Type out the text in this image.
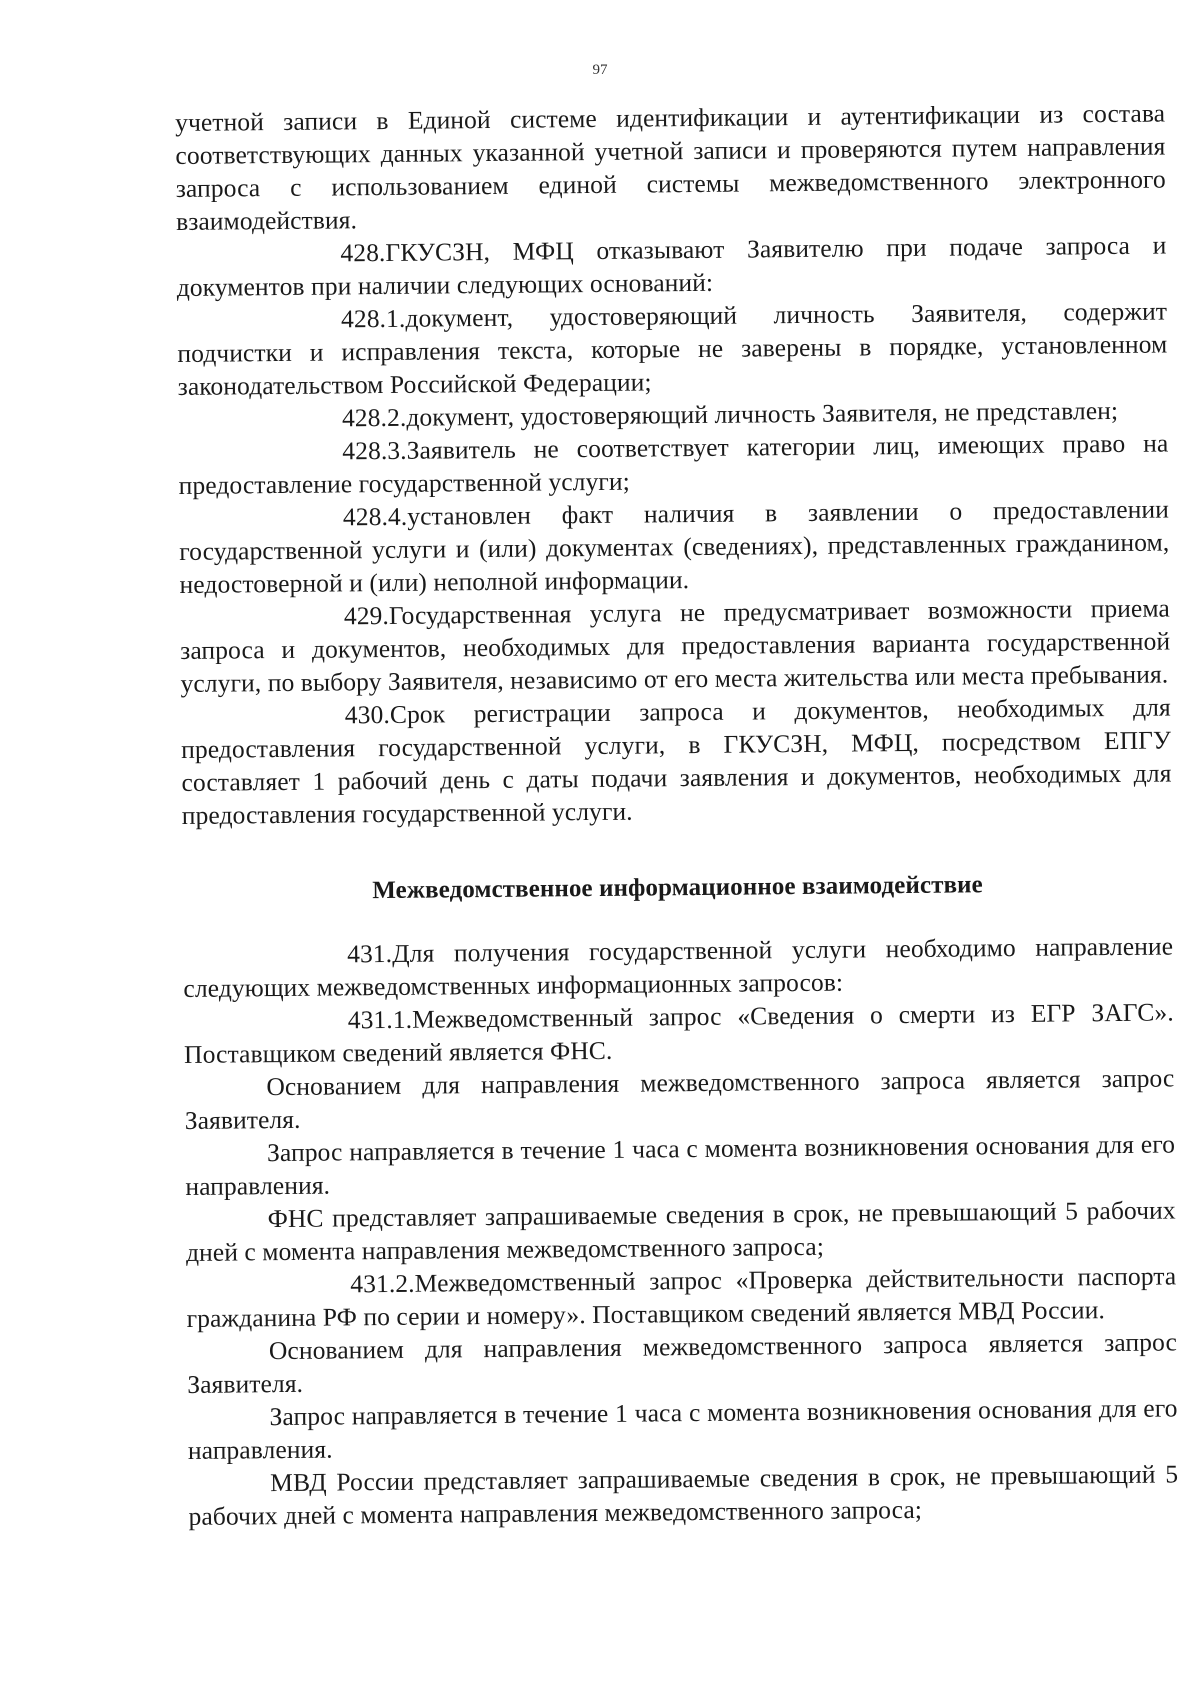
97

учетной записи в Единой системе идентификации и аутентификации из состава соответствующих данных указанной учетной записи и проверяются путем направления запроса с использованием единой системы межведомственного электронного взаимодействия.

428.ГКУСЗН, МФЦ отказывают Заявителю при подаче запроса и документов при наличии следующих оснований:

428.1.документ, удостоверяющий личность Заявителя, содержит подчистки и исправления текста, которые не заверены в порядке, установленном законодательством Российской Федерации;

428.2.документ, удостоверяющий личность Заявителя, не представлен;

428.3.Заявитель не соответствует категории лиц, имеющих право на предоставление государственной услуги;

428.4.установлен факт наличия в заявлении о предоставлении государственной услуги и (или) документах (сведениях), представленных гражданином, недостоверной и (или) неполной информации.

429.Государственная услуга не предусматривает возможности приема запроса и документов, необходимых для предоставления варианта государственной услуги, по выбору Заявителя, независимо от его места жительства или места пребывания.

430.Срок регистрации запроса и документов, необходимых для предоставления государственной услуги, в ГКУСЗН, МФЦ, посредством ЕПГУ составляет 1 рабочий день с даты подачи заявления и документов, необходимых для предоставления государственной услуги.

Межведомственное информационное взаимодействие

431.Для получения государственной услуги необходимо направление следующих межведомственных информационных запросов:

431.1.Межведомственный запрос «Сведения о смерти из ЕГР ЗАГС». Поставщиком сведений является ФНС.

Основанием для направления межведомственного запроса является запрос Заявителя.

Запрос направляется в течение 1 часа с момента возникновения основания для его направления.

ФНС представляет запрашиваемые сведения в срок, не превышающий 5 рабочих дней с момента направления межведомственного запроса;

431.2.Межведомственный запрос «Проверка действительности паспорта гражданина РФ по серии и номеру». Поставщиком сведений является МВД России.

Основанием для направления межведомственного запроса является запрос Заявителя.

Запрос направляется в течение 1 часа с момента возникновения основания для его направления.

МВД России представляет запрашиваемые сведения в срок, не превышающий 5 рабочих дней с момента направления межведомственного запроса;
